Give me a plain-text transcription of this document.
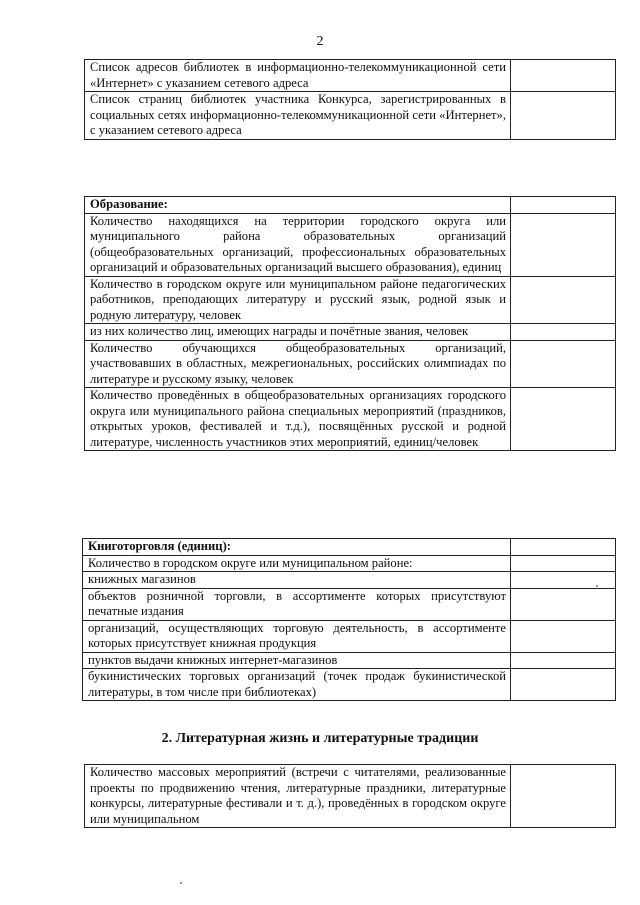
2
Список адресов библиотек в информационно-телекоммуникационной сети «Интернет» с указанием сетевого адреса	
Список страниц библиотек участника Конкурса, зарегистрированных в социальных сетях информационно-телекоммуникационной сети «Интернет», с указанием сетевого адреса	
Образование:	
Количество находящихся на территории городского округа или муниципального района образовательных организаций (общеобразовательных организаций, профессиональных образовательных организаций и образовательных организаций высшего образования), единиц	
Количество в городском округе или муниципальном районе педагогических работников, преподающих литературу и русский язык, родной язык и родную литературу, человек	
из них количество лиц, имеющих награды и почётные звания, человек	
Количество обучающихся общеобразовательных организаций, участвовавших в областных, межрегиональных, российских олимпиадах по литературе и русскому языку, человек	
Количество проведённых в общеобразовательных организациях городского округа или муниципального района специальных мероприятий (праздников, открытых уроков, фестивалей и т.д.), посвящённых русской и родной литературе, численность участников этих мероприятий, единиц/человек	
Книготорговля (единиц):	
Количество в городском округе или муниципальном районе:	
книжных магазинов	
объектов розничной торговли, в ассортименте которых присутствуют печатные издания	
организаций, осуществляющих торговую деятельность, в ассортименте которых присутствует книжная продукция	
пунктов выдачи книжных интернет-магазинов	
букинистических торговых организаций (точек продаж букинистической литературы, в том числе при библиотеках)	
2. Литературная жизнь и литературные традиции
Количество массовых мероприятий (встречи с читателями, реализованные проекты по продвижению чтения, литературные праздники, литературные конкурсы, литературные фестивали и т. д.), проведённых в городском округе или муниципальном	
